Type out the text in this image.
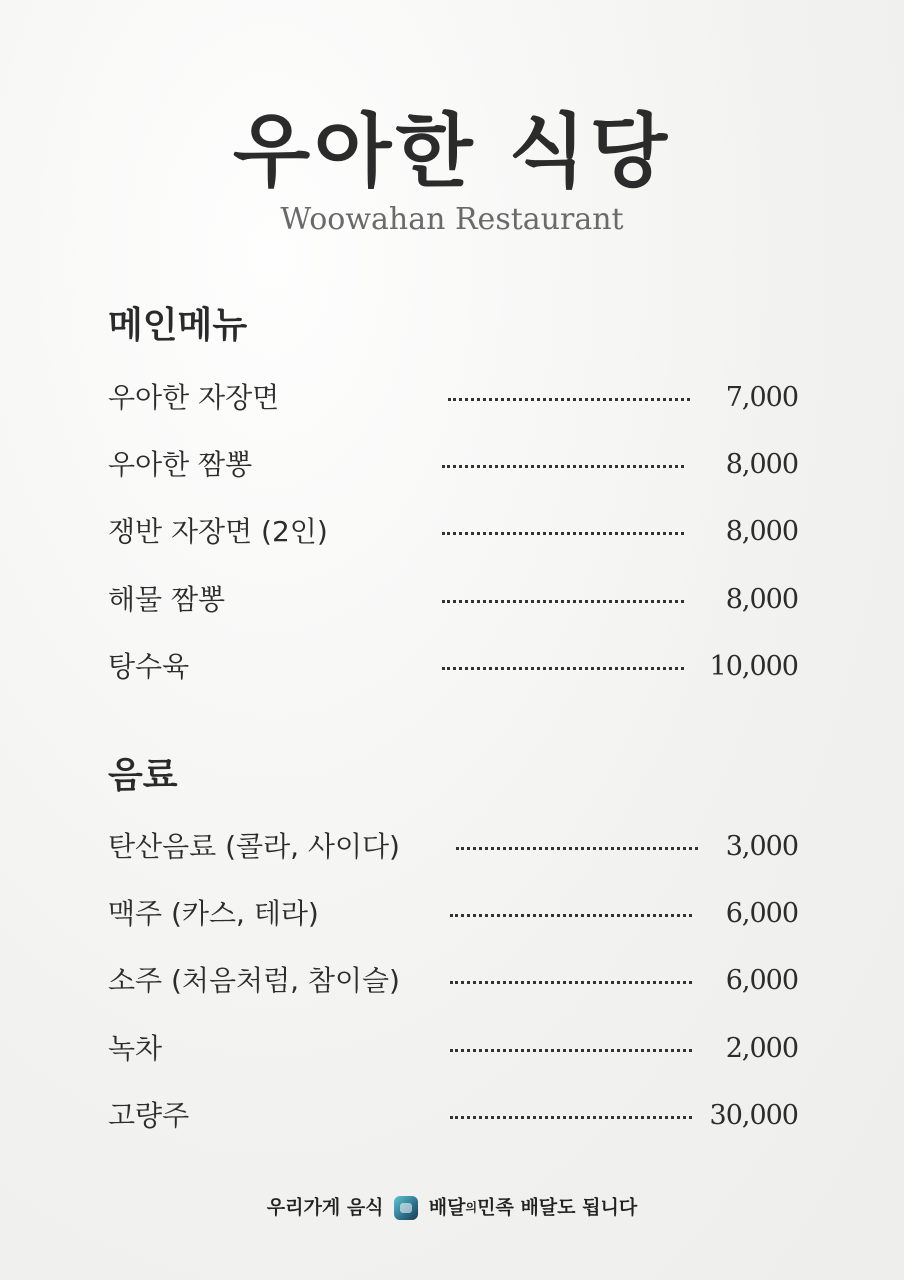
우아한 식당
Woowahan Restaurant
메인메뉴
우아한 자장면	7,000
우아한 짬뽕	8,000
쟁반 자장면 (2인)	8,000
해물 짬뽕	8,000
탕수육	10,000
음료
탄산음료 (콜라, 사이다)	3,000
맥주 (카스, 테라)	6,000
소주 (처음처럼, 참이슬)	6,000
녹차	2,000
고량주	30,000
우리가게 음식 배달의민족 배달도 됩니다
